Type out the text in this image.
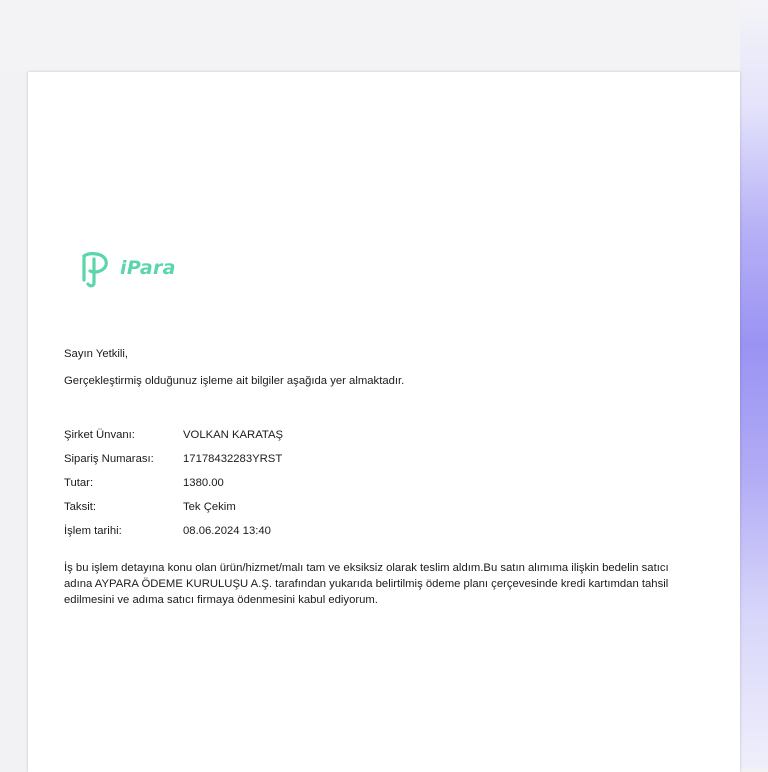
iPara
Sayın Yetkili,
Gerçekleştirmiş olduğunuz işleme ait bilgiler aşağıda yer almaktadır.
Şirket Ünvanı:	VOLKAN KARATAŞ
Sipariş Numarası:	17178432283YRST
Tutar:	1380.00
Taksit:	Tek Çekim
İşlem tarihi:	08.06.2024 13:40
İş bu işlem detayına konu olan ürün/hizmet/malı tam ve eksiksiz olarak teslim aldım.Bu satın alımıma ilişkin bedelin satıcı
adına AYPARA ÖDEME KURULUŞU A.Ş. tarafından yukarıda belirtilmiş ödeme planı çerçevesinde kredi kartımdan tahsil
edilmesini ve adıma satıcı firmaya ödenmesini kabul ediyorum.
